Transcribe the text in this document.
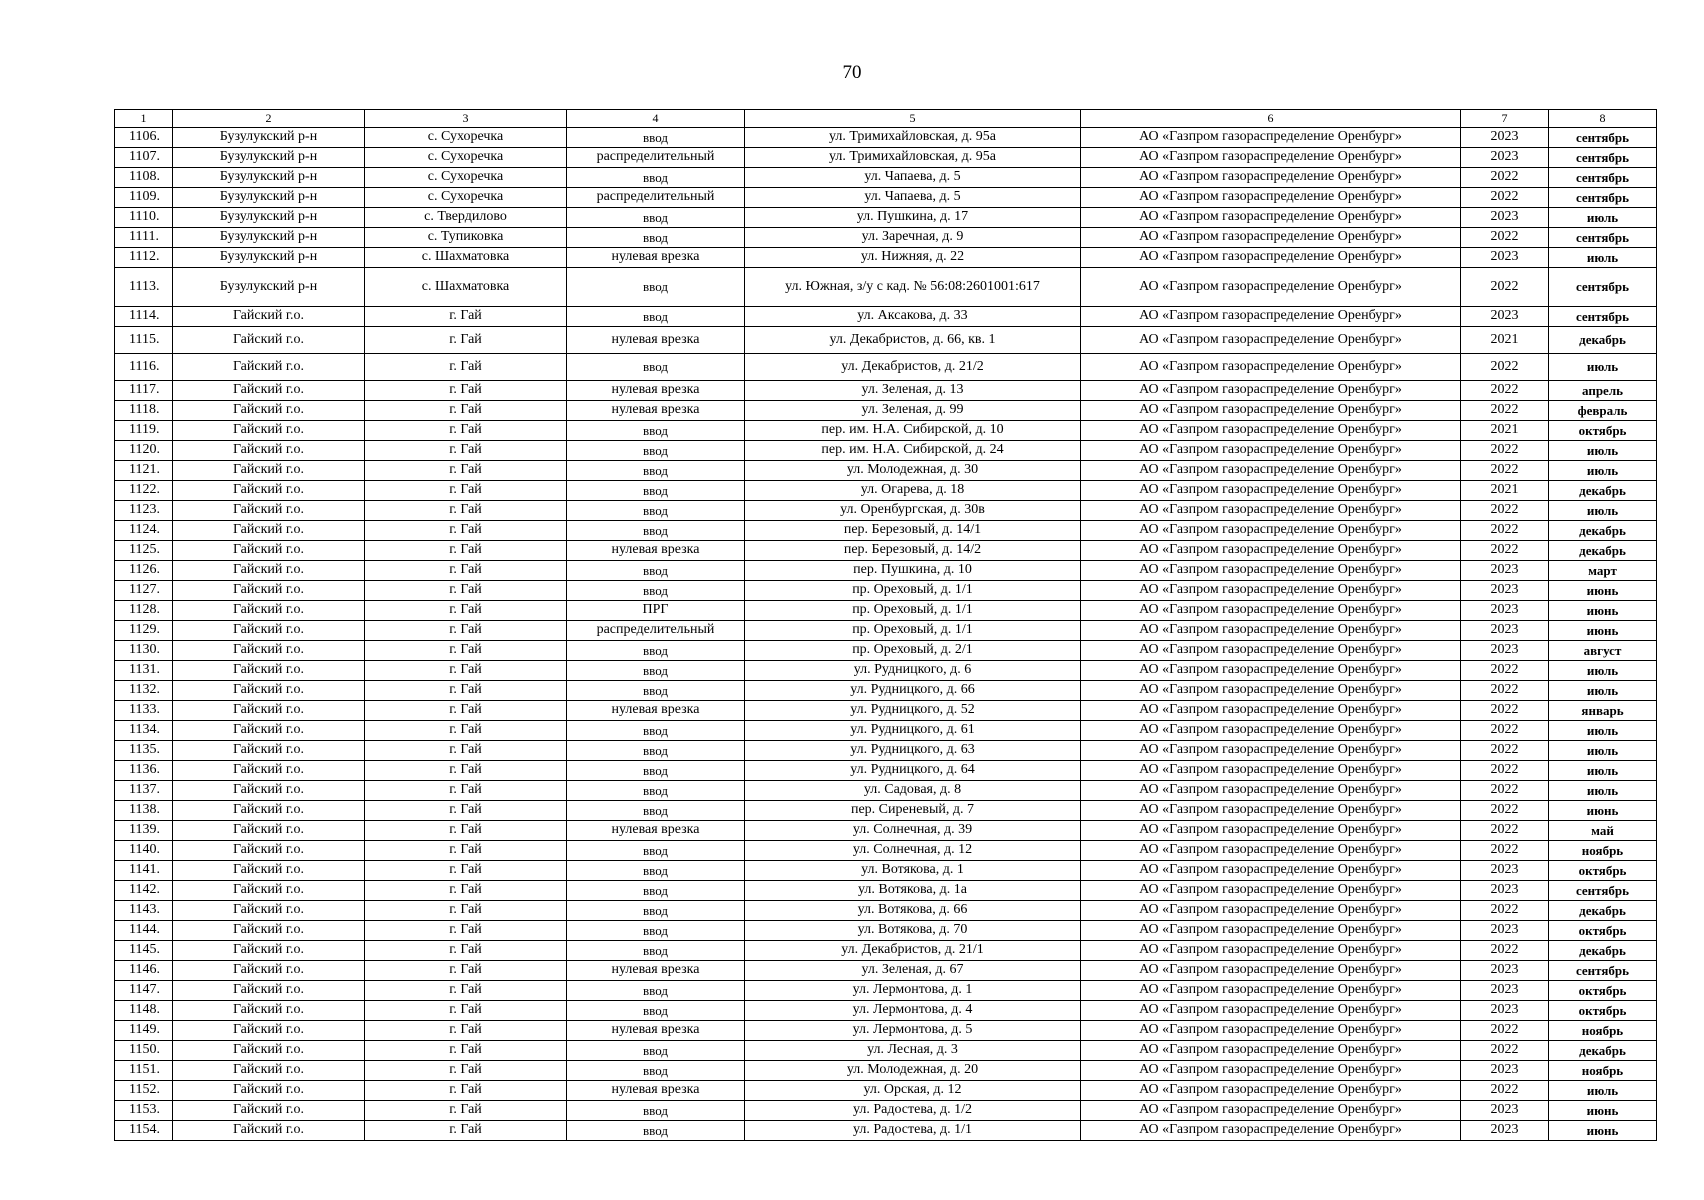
70
1	2	3	4	5	6	7	8
1106.	Бузулукский р-н	с. Сухоречка	ввод	ул. Тримихайловская, д. 95а	АО «Газпром газораспределение Оренбург»	2023	сентябрь
1107.	Бузулукский р-н	с. Сухоречка	распределительный	ул. Тримихайловская, д. 95а	АО «Газпром газораспределение Оренбург»	2023	сентябрь
1108.	Бузулукский р-н	с. Сухоречка	ввод	ул. Чапаева, д. 5	АО «Газпром газораспределение Оренбург»	2022	сентябрь
1109.	Бузулукский р-н	с. Сухоречка	распределительный	ул. Чапаева, д. 5	АО «Газпром газораспределение Оренбург»	2022	сентябрь
1110.	Бузулукский р-н	с. Твердилово	ввод	ул. Пушкина, д. 17	АО «Газпром газораспределение Оренбург»	2023	июль
1111.	Бузулукский р-н	с. Тупиковка	ввод	ул. Заречная, д. 9	АО «Газпром газораспределение Оренбург»	2022	сентябрь
1112.	Бузулукский р-н	с. Шахматовка	нулевая врезка	ул. Нижняя, д. 22	АО «Газпром газораспределение Оренбург»	2023	июль
1113.	Бузулукский р-н	с. Шахматовка	ввод	ул. Южная, з/у с кад. № 56:08:2601001:617	АО «Газпром газораспределение Оренбург»	2022	сентябрь
1114.	Гайский г.о.	г. Гай	ввод	ул. Аксакова, д. 33	АО «Газпром газораспределение Оренбург»	2023	сентябрь
1115.	Гайский г.о.	г. Гай	нулевая врезка	ул. Декабристов, д. 66, кв. 1	АО «Газпром газораспределение Оренбург»	2021	декабрь
1116.	Гайский г.о.	г. Гай	ввод	ул. Декабристов, д. 21/2	АО «Газпром газораспределение Оренбург»	2022	июль
1117.	Гайский г.о.	г. Гай	нулевая врезка	ул. Зеленая, д. 13	АО «Газпром газораспределение Оренбург»	2022	апрель
1118.	Гайский г.о.	г. Гай	нулевая врезка	ул. Зеленая, д. 99	АО «Газпром газораспределение Оренбург»	2022	февраль
1119.	Гайский г.о.	г. Гай	ввод	пер. им. Н.А. Сибирской, д. 10	АО «Газпром газораспределение Оренбург»	2021	октябрь
1120.	Гайский г.о.	г. Гай	ввод	пер. им. Н.А. Сибирской, д. 24	АО «Газпром газораспределение Оренбург»	2022	июль
1121.	Гайский г.о.	г. Гай	ввод	ул. Молодежная, д. 30	АО «Газпром газораспределение Оренбург»	2022	июль
1122.	Гайский г.о.	г. Гай	ввод	ул. Огарева, д. 18	АО «Газпром газораспределение Оренбург»	2021	декабрь
1123.	Гайский г.о.	г. Гай	ввод	ул. Оренбургская, д. 30в	АО «Газпром газораспределение Оренбург»	2022	июль
1124.	Гайский г.о.	г. Гай	ввод	пер. Березовый, д. 14/1	АО «Газпром газораспределение Оренбург»	2022	декабрь
1125.	Гайский г.о.	г. Гай	нулевая врезка	пер. Березовый, д. 14/2	АО «Газпром газораспределение Оренбург»	2022	декабрь
1126.	Гайский г.о.	г. Гай	ввод	пер. Пушкина, д. 10	АО «Газпром газораспределение Оренбург»	2023	март
1127.	Гайский г.о.	г. Гай	ввод	пр. Ореховый, д. 1/1	АО «Газпром газораспределение Оренбург»	2023	июнь
1128.	Гайский г.о.	г. Гай	ПРГ	пр. Ореховый, д. 1/1	АО «Газпром газораспределение Оренбург»	2023	июнь
1129.	Гайский г.о.	г. Гай	распределительный	пр. Ореховый, д. 1/1	АО «Газпром газораспределение Оренбург»	2023	июнь
1130.	Гайский г.о.	г. Гай	ввод	пр. Ореховый, д. 2/1	АО «Газпром газораспределение Оренбург»	2023	август
1131.	Гайский г.о.	г. Гай	ввод	ул. Рудницкого, д. 6	АО «Газпром газораспределение Оренбург»	2022	июль
1132.	Гайский г.о.	г. Гай	ввод	ул. Рудницкого, д. 66	АО «Газпром газораспределение Оренбург»	2022	июль
1133.	Гайский г.о.	г. Гай	нулевая врезка	ул. Рудницкого, д. 52	АО «Газпром газораспределение Оренбург»	2022	январь
1134.	Гайский г.о.	г. Гай	ввод	ул. Рудницкого, д. 61	АО «Газпром газораспределение Оренбург»	2022	июль
1135.	Гайский г.о.	г. Гай	ввод	ул. Рудницкого, д. 63	АО «Газпром газораспределение Оренбург»	2022	июль
1136.	Гайский г.о.	г. Гай	ввод	ул. Рудницкого, д. 64	АО «Газпром газораспределение Оренбург»	2022	июль
1137.	Гайский г.о.	г. Гай	ввод	ул. Садовая, д. 8	АО «Газпром газораспределение Оренбург»	2022	июль
1138.	Гайский г.о.	г. Гай	ввод	пер. Сиреневый, д. 7	АО «Газпром газораспределение Оренбург»	2022	июнь
1139.	Гайский г.о.	г. Гай	нулевая врезка	ул. Солнечная, д. 39	АО «Газпром газораспределение Оренбург»	2022	май
1140.	Гайский г.о.	г. Гай	ввод	ул. Солнечная, д. 12	АО «Газпром газораспределение Оренбург»	2022	ноябрь
1141.	Гайский г.о.	г. Гай	ввод	ул. Вотякова, д. 1	АО «Газпром газораспределение Оренбург»	2023	октябрь
1142.	Гайский г.о.	г. Гай	ввод	ул. Вотякова, д. 1а	АО «Газпром газораспределение Оренбург»	2023	сентябрь
1143.	Гайский г.о.	г. Гай	ввод	ул. Вотякова, д. 66	АО «Газпром газораспределение Оренбург»	2022	декабрь
1144.	Гайский г.о.	г. Гай	ввод	ул. Вотякова, д. 70	АО «Газпром газораспределение Оренбург»	2023	октябрь
1145.	Гайский г.о.	г. Гай	ввод	ул. Декабристов, д. 21/1	АО «Газпром газораспределение Оренбург»	2022	декабрь
1146.	Гайский г.о.	г. Гай	нулевая врезка	ул. Зеленая, д. 67	АО «Газпром газораспределение Оренбург»	2023	сентябрь
1147.	Гайский г.о.	г. Гай	ввод	ул. Лермонтова, д. 1	АО «Газпром газораспределение Оренбург»	2023	октябрь
1148.	Гайский г.о.	г. Гай	ввод	ул. Лермонтова, д. 4	АО «Газпром газораспределение Оренбург»	2023	октябрь
1149.	Гайский г.о.	г. Гай	нулевая врезка	ул. Лермонтова, д. 5	АО «Газпром газораспределение Оренбург»	2022	ноябрь
1150.	Гайский г.о.	г. Гай	ввод	ул. Лесная, д. 3	АО «Газпром газораспределение Оренбург»	2022	декабрь
1151.	Гайский г.о.	г. Гай	ввод	ул. Молодежная, д. 20	АО «Газпром газораспределение Оренбург»	2023	ноябрь
1152.	Гайский г.о.	г. Гай	нулевая врезка	ул. Орская, д. 12	АО «Газпром газораспределение Оренбург»	2022	июль
1153.	Гайский г.о.	г. Гай	ввод	ул. Радостева, д. 1/2	АО «Газпром газораспределение Оренбург»	2023	июнь
1154.	Гайский г.о.	г. Гай	ввод	ул. Радостева, д. 1/1	АО «Газпром газораспределение Оренбург»	2023	июнь
